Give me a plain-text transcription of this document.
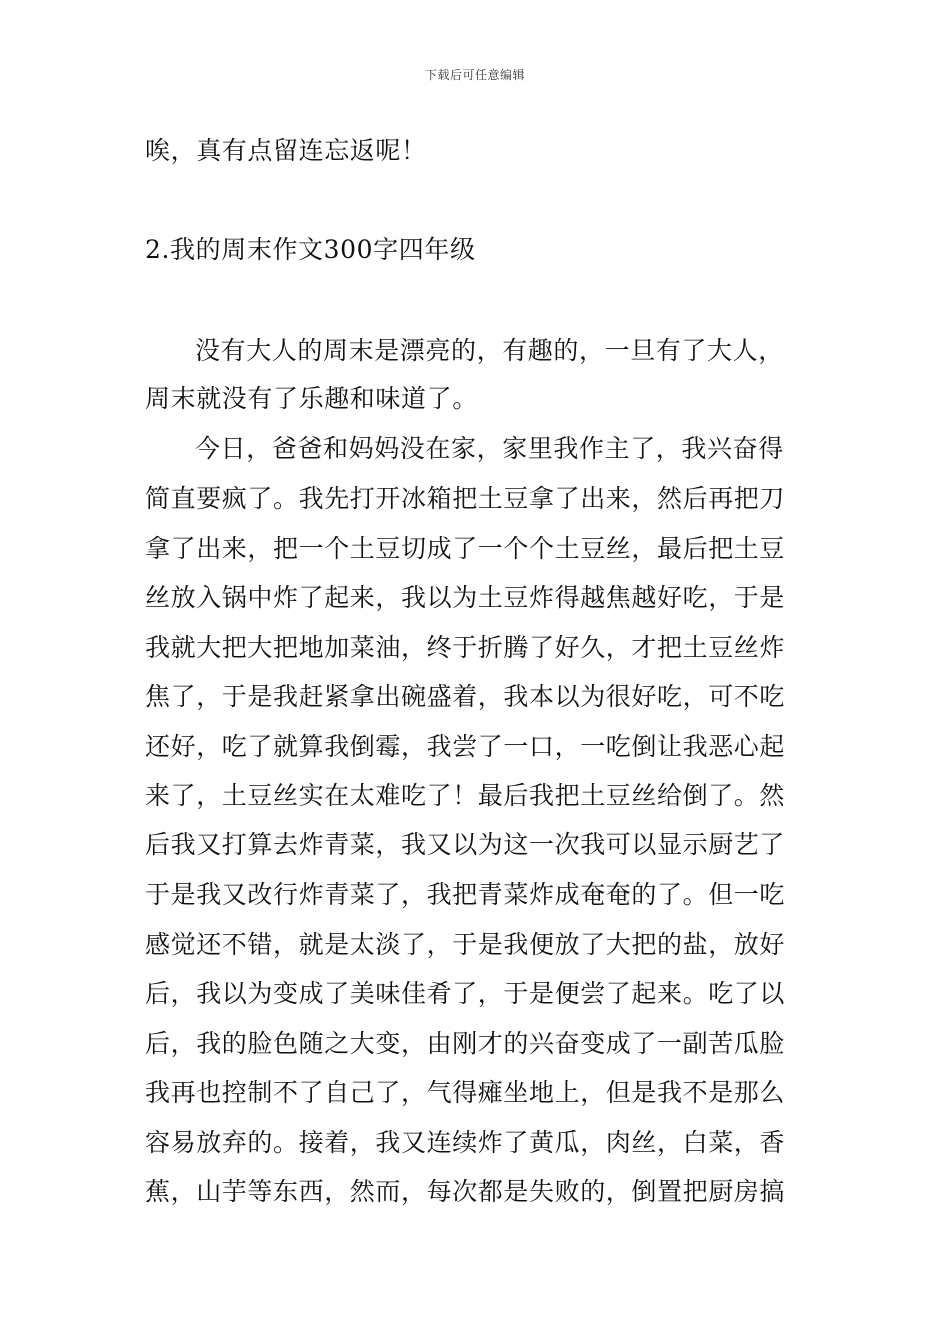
下载后可任意编辑
唉，真有点留连忘返呢！
2.我的周末作文300字四年级
没有大人的周末是漂亮的，有趣的，一旦有了大人，
周末就没有了乐趣和味道了。
今日，爸爸和妈妈没在家，家里我作主了，我兴奋得
简直要疯了。我先打开冰箱把土豆拿了出来，然后再把刀
拿了出来，把一个土豆切成了一个个土豆丝，最后把土豆
丝放入锅中炸了起来，我以为土豆炸得越焦越好吃，于是
我就大把大把地加菜油，终于折腾了好久，才把土豆丝炸
焦了，于是我赶紧拿出碗盛着，我本以为很好吃，可不吃
还好，吃了就算我倒霉，我尝了一口，一吃倒让我恶心起
来了，土豆丝实在太难吃了！最后我把土豆丝给倒了。然
后我又打算去炸青菜，我又以为这一次我可以显示厨艺了
于是我又改行炸青菜了，我把青菜炸成奄奄的了。但一吃
感觉还不错，就是太淡了，于是我便放了大把的盐，放好
后，我以为变成了美味佳肴了，于是便尝了起来。吃了以
后，我的脸色随之大变，由刚才的兴奋变成了一副苦瓜脸
我再也控制不了自己了，气得瘫坐地上，但是我不是那么
容易放弃的。接着，我又连续炸了黄瓜，肉丝，白菜，香
蕉，山芋等东西，然而，每次都是失败的，倒置把厨房搞
